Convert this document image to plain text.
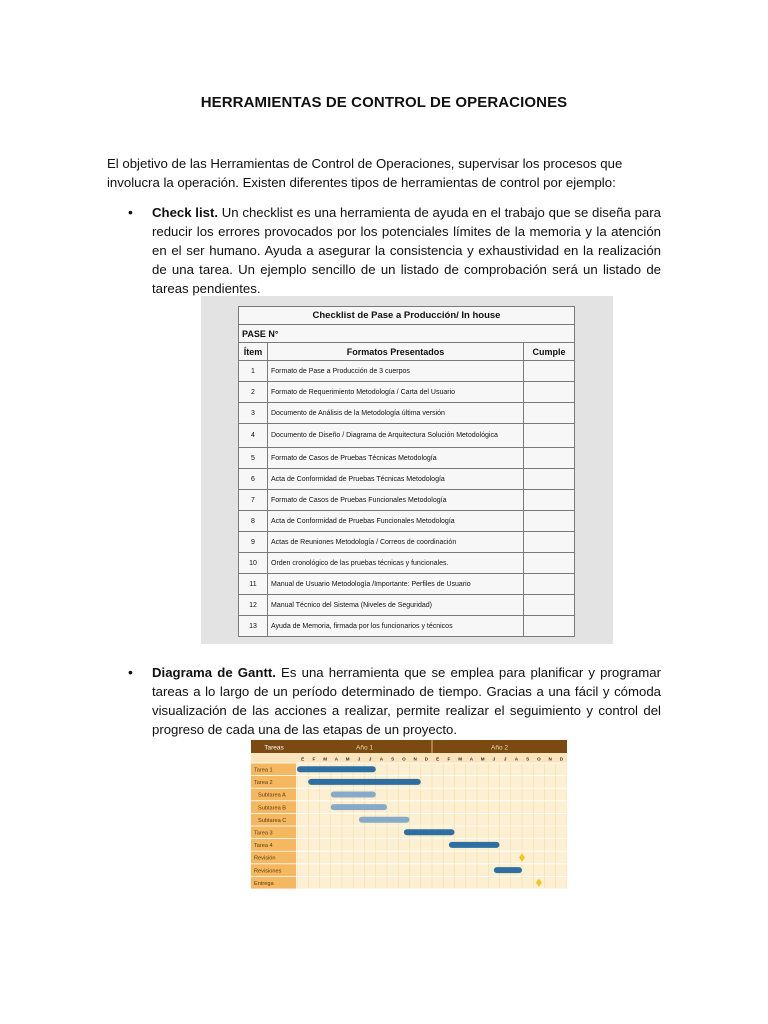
HERRAMIENTAS DE CONTROL DE OPERACIONES
El objetivo de las Herramientas de Control de Operaciones, supervisar los procesos que involucra la operación. Existen diferentes tipos de herramientas de control por ejemplo:
• Check list. Un checklist es una herramienta de ayuda en el trabajo que se diseña para reducir los errores provocados por los potenciales límites de la memoria y la atención en el ser humano. Ayuda a asegurar la consistencia y exhaustividad en la realización de una tarea. Un ejemplo sencillo de un listado de comprobación será un listado de tareas pendientes.
Checklist de Pase a Producción/ In house		
PASE N°		
Ítem	Formatos Presentados	Cumple
1	Formato de Pase a Producción de 3 cuerpos	
2	Formato de Requerimiento Metodología / Carta del Usuario	
3	Documento de Análisis de la Metodología última versión	
4	Documento de Diseño / Diagrama de Arquitectura Solución Metodológica	
5	Formato de Casos de Pruebas Técnicas Metodología	
6	Acta de Conformidad de Pruebas Técnicas Metodología	
7	Formato de Casos de Pruebas Funcionales Metodología	
8	Acta de Conformidad de Pruebas Funcionales Metodología	
9	Actas de Reuniones Metodología / Correos de coordinación	
10	Orden cronológico de las pruebas técnicas y funcionales.	
11	Manual de Usuario Metodología /Importante: Perfiles de Usuario	
12	Manual Técnico del Sistema (Niveles de Seguridad)	
13	Ayuda de Memoria, firmada por los funcionarios y técnicos	
• Diagrama de Gantt. Es una herramienta que se emplea para planificar y programar tareas a lo largo de un período determinado de tiempo. Gracias a una fácil y cómoda visualización de las acciones a realizar, permite realizar el seguimiento y control del progreso de cada una de las etapas de un proyecto.
Tareas	Año 1	Año 2
E F M A M J J A S O N D E F M A M J J A S O N D
Tarea 1
Tarea 2
Subtarea A
Subtarea B
Subtarea C
Tarea 3
Tarea 4
Revisión
Revisiones
Entrega
